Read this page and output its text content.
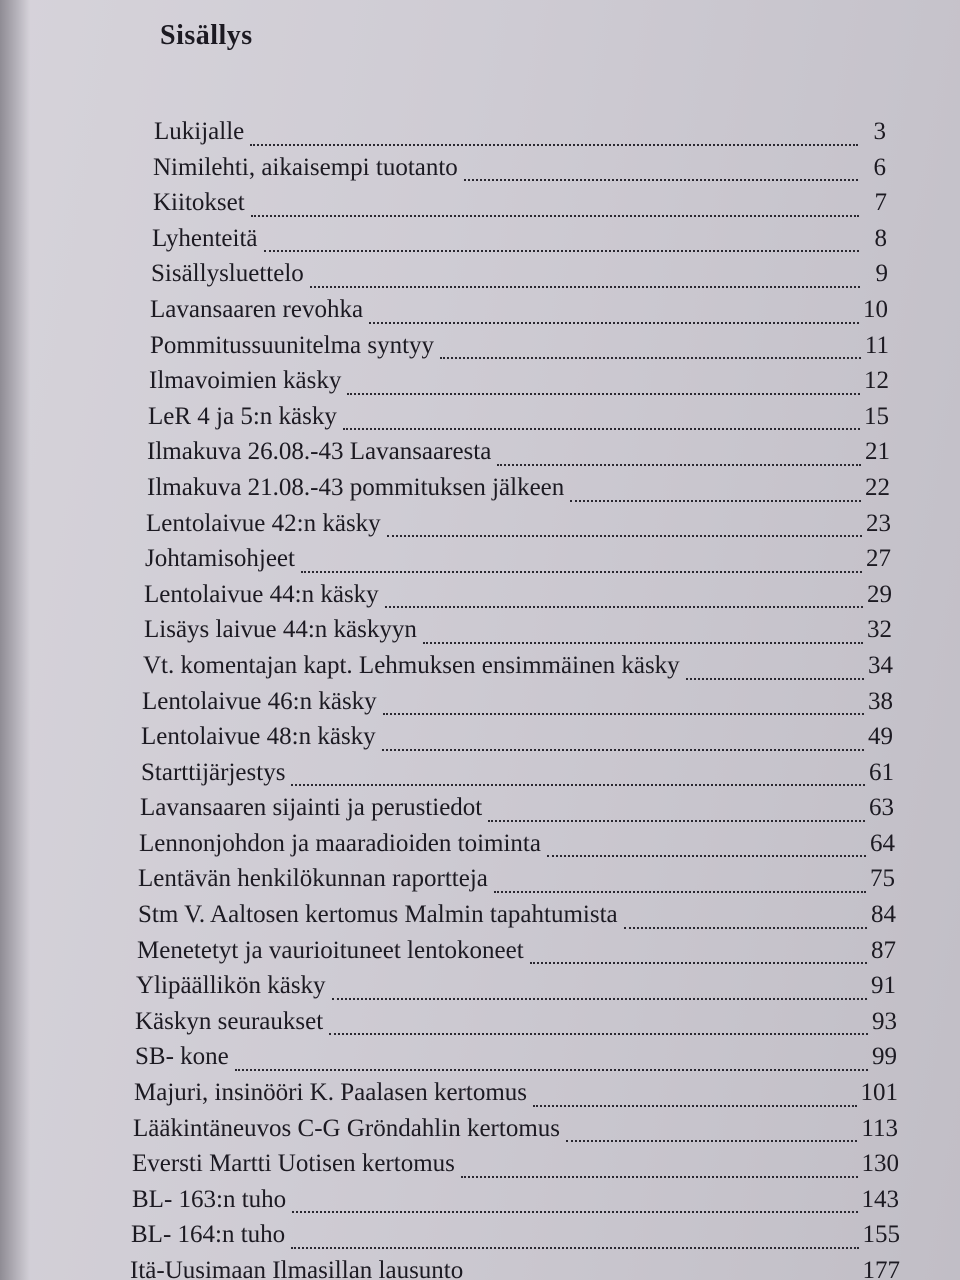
Sisällys
Lukijalle	3
Nimilehti, aikaisempi tuotanto	6
Kiitokset	7
Lyhenteitä	8
Sisällysluettelo	9
Lavansaaren revohka	10
Pommitussuunitelma syntyy	11
Ilmavoimien käsky	12
LeR 4 ja 5:n käsky	15
Ilmakuva 26.08.-43 Lavansaaresta	21
Ilmakuva 21.08.-43 pommituksen jälkeen	22
Lentolaivue 42:n käsky	23
Johtamisohjeet	27
Lentolaivue 44:n käsky	29
Lisäys laivue 44:n käskyyn	32
Vt. komentajan kapt. Lehmuksen ensimmäinen käsky	34
Lentolaivue 46:n käsky	38
Lentolaivue 48:n käsky	49
Starttijärjestys	61
Lavansaaren sijainti ja perustiedot	63
Lennonjohdon ja maaradioiden toiminta	64
Lentävän henkilökunnan raportteja	75
Stm V. Aaltosen kertomus Malmin tapahtumista	84
Menetetyt ja vaurioituneet lentokoneet	87
Ylipäällikön käsky	91
Käskyn seuraukset	93
SB- kone	99
Majuri, insinööri K. Paalasen kertomus	101
Lääkintäneuvos C-G Gröndahlin kertomus	113
Eversti Martti Uotisen kertomus	130
BL- 163:n tuho	143
BL- 164:n tuho	155
Itä-Uusimaan Ilmasillan lausunto	177
